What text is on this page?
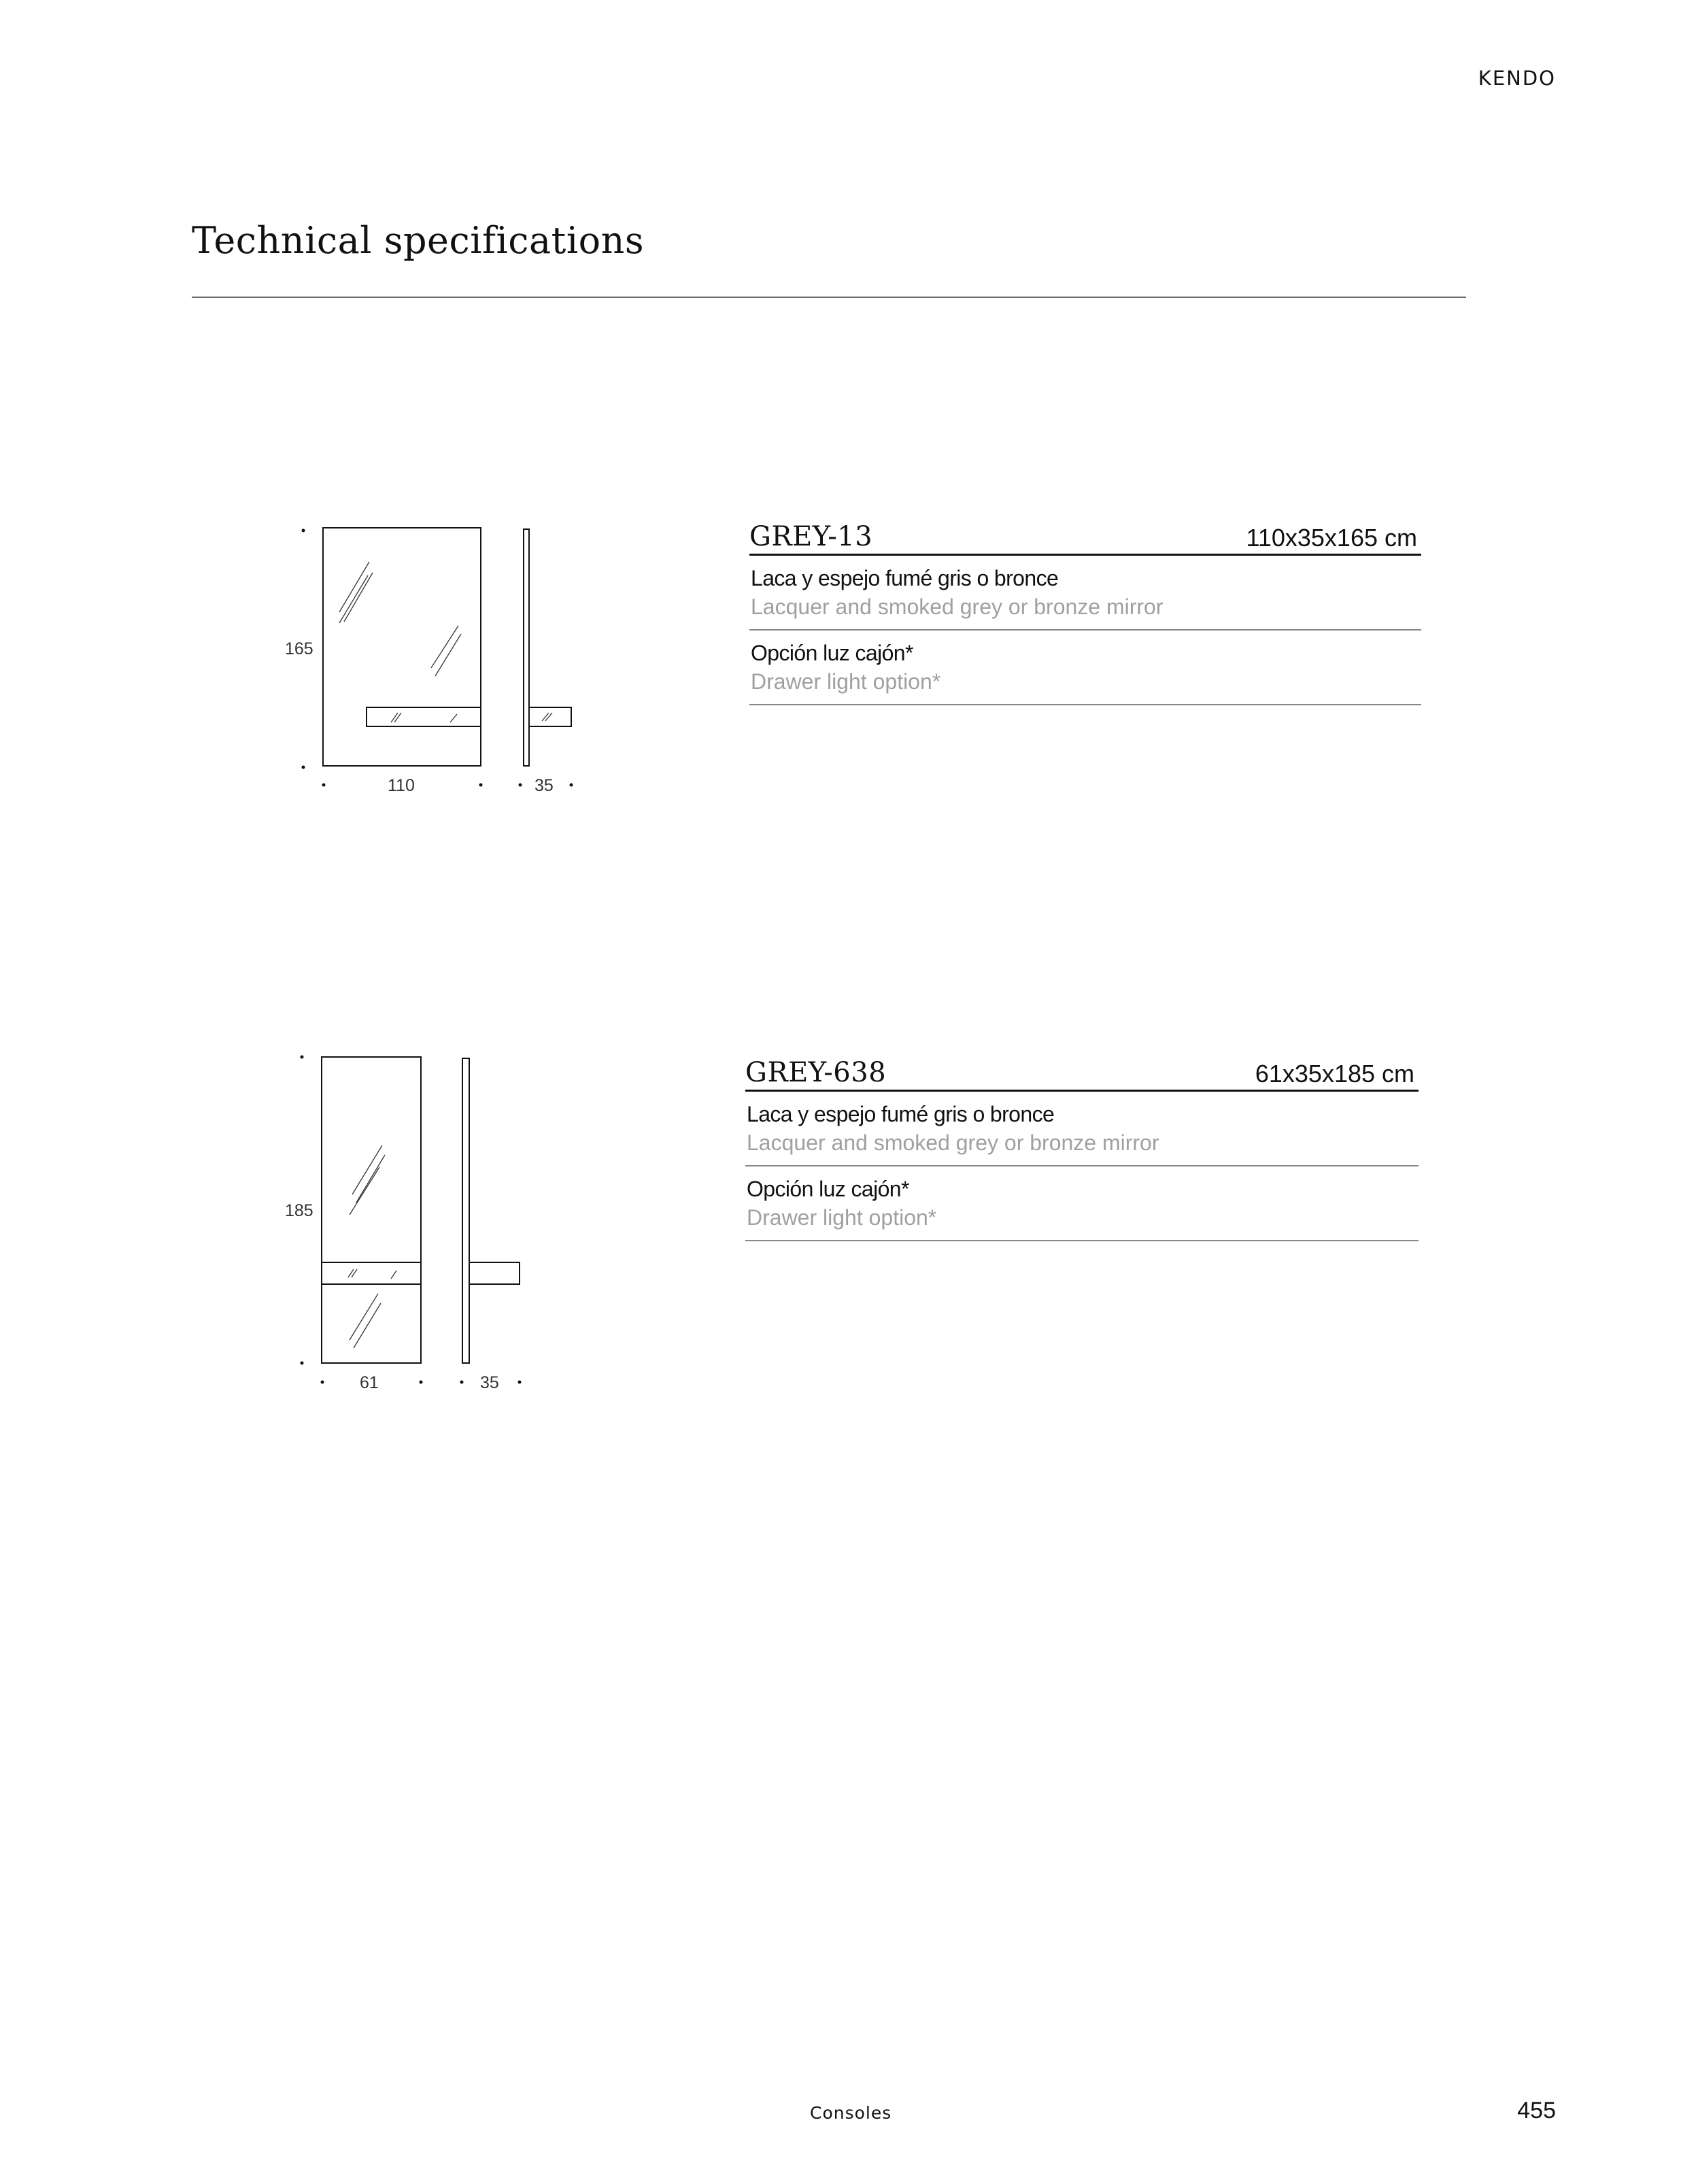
KENDO
Technical specifications
165
110	35
GREY-13	110x35x165 cm
Laca y espejo fumé gris o bronce
Lacquer and smoked grey or bronze mirror
Opción luz cajón*
Drawer light option*
185
61	35
GREY-638	61x35x185 cm
Laca y espejo fumé gris o bronce
Lacquer and smoked grey or bronze mirror
Opción luz cajón*
Drawer light option*
Consoles	455
